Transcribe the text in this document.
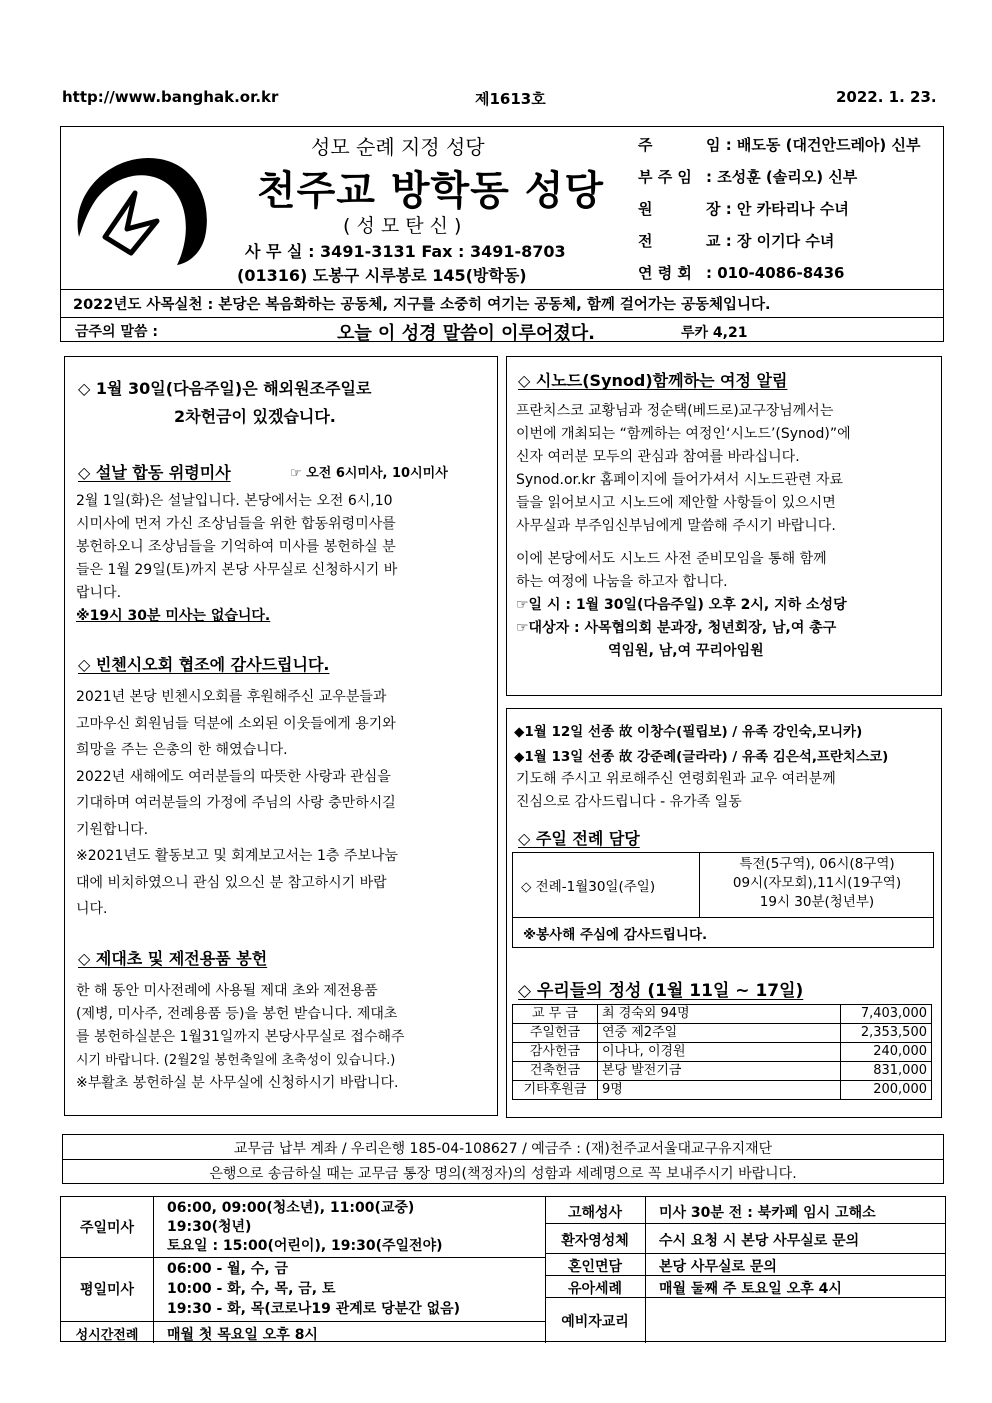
http://www.banghak.or.kr	제1613호	2022. 1. 23.
성모 순례 지정 성당
천주교 방학동 성당
( 성 모 탄 신 )
사 무 실 : 3491-3131 Fax : 3491-8703
(01316) 도봉구 시루봉로 145(방학동)
2022년도 사목실천 : 본당은 복음화하는 공동체, 지구를 소중히 여기는 공동체, 함께 걸어가는 공동체입니다.
금주의 말씀 :	오늘 이 성경 말씀이 이루어졌다.	루카 4,21
주	임 : 배도동 (대건안드레아) 신부
부 주 임 : 조성훈 (솔리오) 신부
원	장 : 안 카타리나 수녀
전	교 : 장 이기다 수녀
연 령 회 : 010-4086-8436
◇ 1월 30일(다음주일)은 해외원조주일로
2차헌금이 있겠습니다.
◇ 설날 합동 위령미사	☞ 오전 6시미사, 10시미사
2월 1일(화)은 설날입니다. 본당에서는 오전 6시,10
시미사에 먼저 가신 조상님들을 위한 합동위령미사를
봉헌하오니 조상님들을 기억하여 미사를 봉헌하실 분
들은 1월 29일(토)까지 본당 사무실로 신청하시기 바
랍니다.
※19시 30분 미사는 없습니다.
◇ 빈첸시오회 협조에 감사드립니다.
2021년 본당 빈첸시오회를 후원해주신 교우분들과
고마우신 회원님들 덕분에 소외된 이웃들에게 용기와
희망을 주는 은총의 한 해였습니다.
2022년 새해에도 여러분들의 따뜻한 사랑과 관심을
기대하며 여러분들의 가정에 주님의 사랑 충만하시길
기원합니다.
※2021년도 활동보고 및 회계보고서는 1층 주보나눔
대에 비치하였으니 관심 있으신 분 참고하시기 바랍
니다.
◇ 제대초 및 제전용품 봉헌
한 해 동안 미사전례에 사용될 제대 초와 제전용품
(제병, 미사주, 전례용품 등)을 봉헌 받습니다. 제대초
를 봉헌하실분은 1월31일까지 본당사무실로 접수해주
시기 바랍니다. (2월2일 봉헌축일에 초축성이 있습니다.)
※부활초 봉헌하실 분 사무실에 신청하시기 바랍니다.
◇ 시노드(Synod)함께하는 여정 알림
프란치스코 교황님과 정순택(베드로)교구장님께서는
이번에 개최되는 “함께하는 여정인‘시노드’(Synod)”에
신자 여러분 모두의 관심과 참여를 바라십니다.
Synod.or.kr 홈페이지에 들어가셔서 시노드관련 자료
들을 읽어보시고 시노드에 제안할 사항들이 있으시면
사무실과 부주임신부님에게 말씀해 주시기 바랍니다.
이에 본당에서도 시노드 사전 준비모임을 통해 함께
하는 여정에 나눔을 하고자 합니다.
☞일 시 : 1월 30일(다음주일) 오후 2시, 지하 소성당
☞대상자 : 사목협의회 분과장, 청년회장, 남,여 총구
역임원, 남,여 꾸리아임원
◆1월 12일 선종 故 이창수(필립보) / 유족 강인숙,모니카)
◆1월 13일 선종 故 강준례(글라라) / 유족 김은석,프란치스코)
기도해 주시고 위로해주신 연령회원과 교우 여러분께
진심으로 감사드립니다 - 유가족 일동
◇ 주일 전례 담당
◇ 전례-1월30일(주일)
특전(5구역), 06시(8구역)
09시(자모회),11시(19구역)
19시 30분(청년부)
※봉사해 주심에 감사드립니다.
◇ 우리들의 정성 (1월 11일 ~ 17일)
교 무 금	최 경숙외 94명	7,403,000
주일헌금	연중 제2주일	2,353,500
감사헌금	이나나, 이경원	240,000
건축헌금	본당 발전기금	831,000
기타후원금	9명	200,000
교무금 납부 계좌 / 우리은행 185-04-108627 / 예금주 : (재)천주교서울대교구유지재단
은행으로 송금하실 때는 교무금 통장 명의(책정자)의 성함과 세례명으로 꼭 보내주시기 바랍니다.
주일미사
06:00, 09:00(청소년), 11:00(교중)
19:30(청년)
토요일 : 15:00(어린이), 19:30(주일전야)
평일미사
06:00 - 월, 수, 금
10:00 - 화, 수, 목, 금, 토
19:30 - 화, 목(코로나19 관계로 당분간 없음)
성시간전례	매월 첫 목요일 오후 8시
고해성사	미사 30분 전 : 북카페 임시 고해소
환자영성체	수시 요청 시 본당 사무실로 문의
혼인면담	본당 사무실로 문의
유아세례	매월 둘째 주 토요일 오후 4시
예비자교리
